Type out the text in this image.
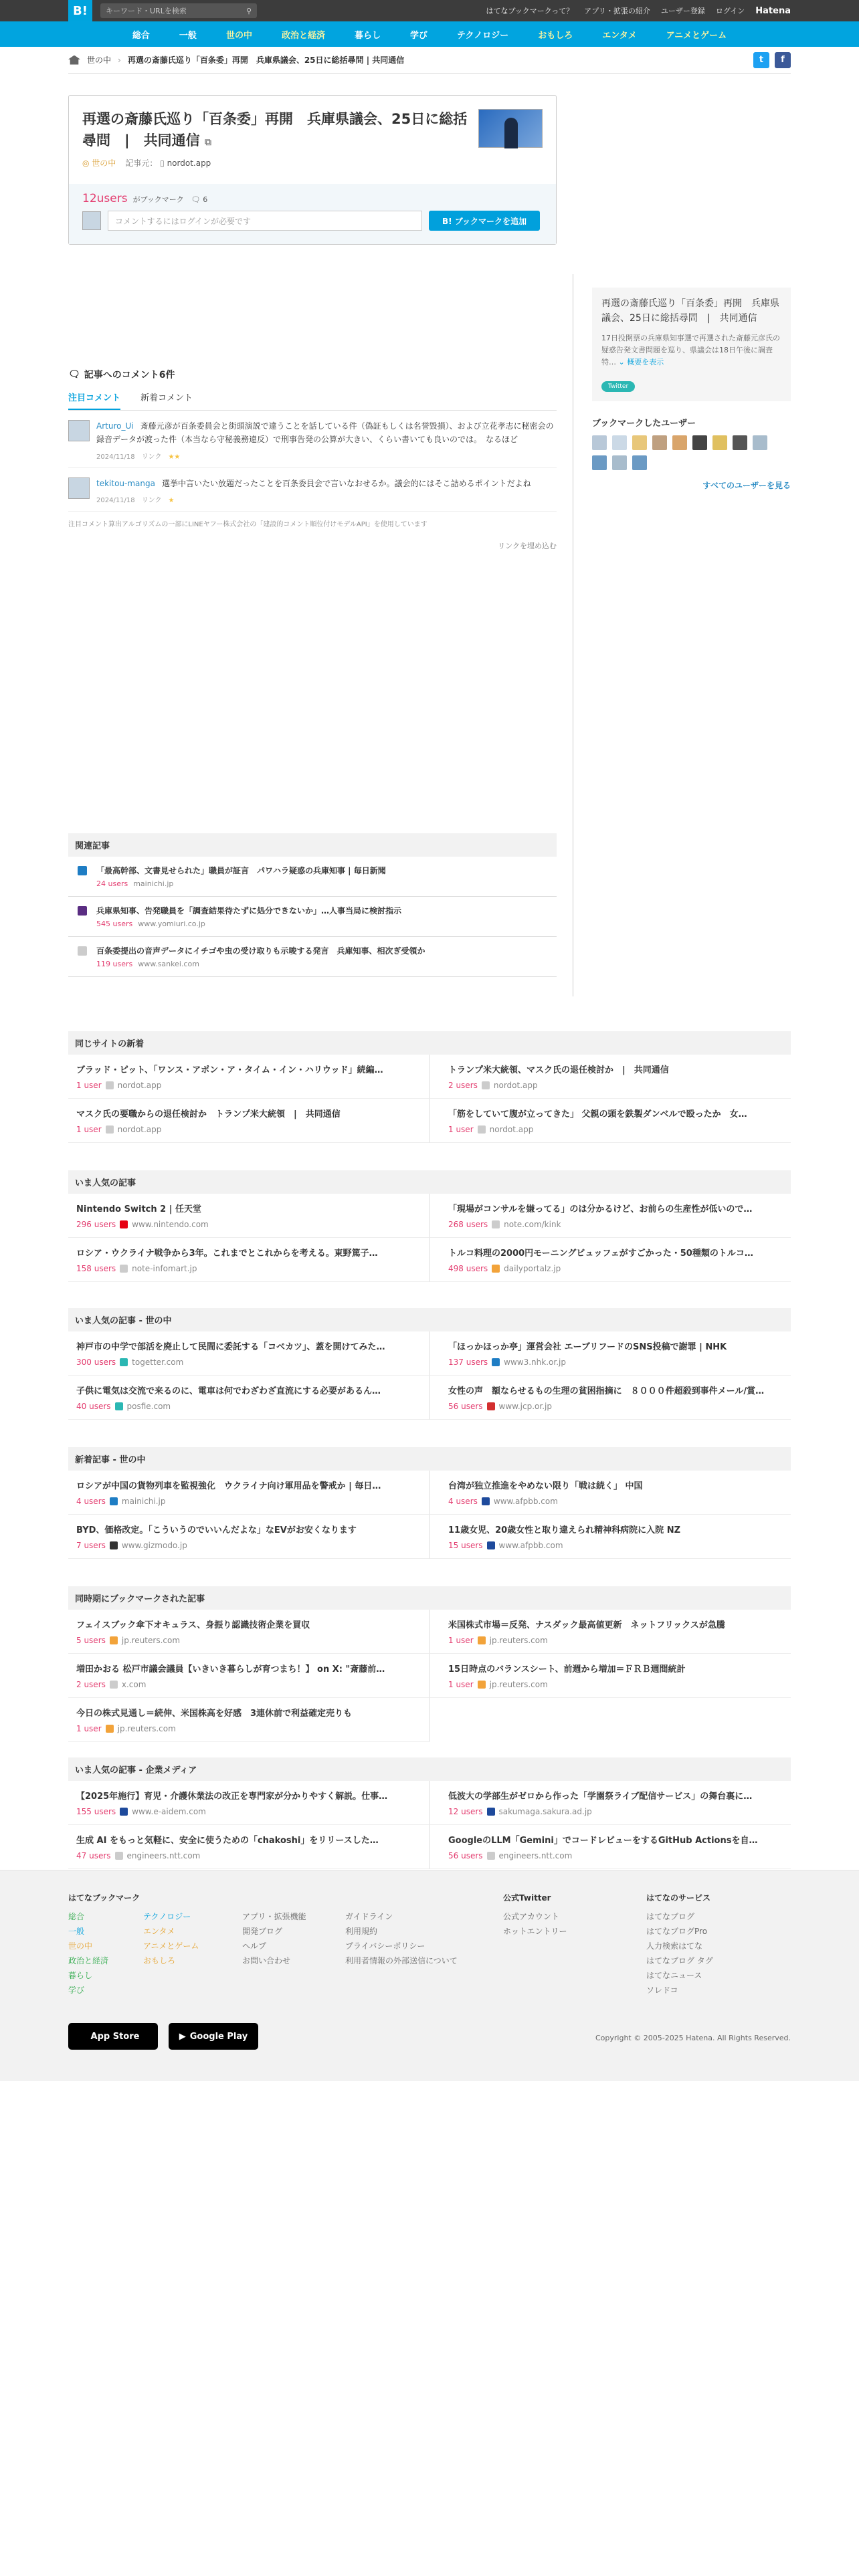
B!	キーワード・URLを検索	⚲	はてなブックマークって？ アプリ・拡張の紹介 ユーザー登録 ログイン Hatena
総合	一般	世の中	政治と経済	暮らし	学び	テクノロジー	おもしろ	エンタメ	アニメとゲーム
世の中 › 再選の斎藤氏巡り「百条委」再開　兵庫県議会、25日に総括尋問 | 共同通信	t	f
再選の斎藤氏巡り「百条委」再開　兵庫県議会、25日に総括尋問　|　共同通信 ⧉
◎ 世の中 記事元： ▯ nordot.app
12users がブックマーク　🗨 6
コメントするにはログインが必要です	B! ブックマークを追加
再選の斎藤氏巡り「百条委」再開　兵庫県議会、25日に総括尋問　|　共同通信

17日投開票の兵庫県知事選で再選された斎藤元彦氏の疑惑告発文書問題を巡り、県議会は18日午後に調査特… ⌄ 概要を表示

Twitter
ブックマークしたユーザー
すべてのユーザーを見る
🗨 記事へのコメント6件
注目コメント 新着コメント
Arturo_Ui 斎藤元彦が百条委員会と街頭演説で違うことを話している件（偽証もしくは名誉毀損）、および立花孝志に秘密会の録音データが渡った件（本当なら守秘義務違反）で刑事告発の公算が大きい、くらい書いても良いのでは。　なるほど
2024/11/18　 リンク ★★
tekitou-manga 選挙中言いたい放題だったことを百条委員会で言いなおせるか。議会的にはそこ詰めるポイントだよね
2024/11/18　 リンク ★
注目コメント算出アルゴリズムの一部にLINEヤフー株式会社の「建設的コメント順位付けモデルAPI」を使用しています
リンクを埋め込む
関連記事
「最高幹部、文書見せられた」職員が証言　パワハラ疑惑の兵庫知事 | 毎日新聞
24 users mainichi.jp
兵庫県知事、告発職員を「調査結果待たずに処分できないか」…人事当局に検討指示
545 users www.yomiuri.co.jp
百条委提出の音声データにイチゴや虫の受け取りも示唆する発言　兵庫知事、相次ぎ受領か
119 users www.sankei.com
同じサイトの新着
ブラッド・ピット、「ワンス・アポン・ア・タイム・イン・ハリウッド」続編…
1 user nordot.app
トランプ米大統領、マスク氏の退任検討か　|　共同通信
2 users nordot.app
マスク氏の要職からの退任検討か　トランプ米大統領　|　共同通信
1 user nordot.app
「筋をしていて腹が立ってきた」 父親の頭を鉄製ダンベルで殴ったか　女…
1 user nordot.app
いま人気の記事
Nintendo Switch 2 | 任天堂
296 users www.nintendo.com
「現場がコンサルを嫌ってる」のは分かるけど、お前らの生産性が低いので…
268 users note.com/kink
ロシア・ウクライナ戦争から3年。これまでとこれからを考える。東野篤子…
158 users note-infomart.jp
トルコ料理の2000円モーニングビュッフェがすごかった・50種類のトルコ…
498 users dailyportalz.jp
いま人気の記事 - 世の中
神戸市の中学で部活を廃止して民間に委託する「コベカツ」、蓋を開けてみた…
300 users togetter.com
「ほっかほっか亭」運営会社 エーブリフードのSNS投稿で謝罪 | NHK
137 users www3.nhk.or.jp
子供に電気は交流で来るのに、電車は何でわざわざ直流にする必要があるん…
40 users posfie.com
女性の声　額ならせるもの生理の貧困指摘に　８０００件超殺到事件メール/賞…
56 users www.jcp.or.jp
新着記事 - 世の中
ロシアが中国の貨物列車を監視強化　ウクライナ向け軍用品を警戒か | 毎日…
4 users mainichi.jp
台湾が独立推進をやめない限り「戦は続く」 中国
4 users www.afpbb.com
BYD、価格改定。「こういうのでいいんだよな」なEVがお安くなります
7 users www.gizmodo.jp
11歳女児、20歳女性と取り違えられ精神科病院に入院 NZ
15 users www.afpbb.com
同時期にブックマークされた記事
フェイスブック傘下オキュラス、身振り認識技術企業を買収
5 users jp.reuters.com
米国株式市場＝反発、ナスダック最高値更新　ネットフリックスが急騰
1 user jp.reuters.com
増田かおる 松戸市議会議員【いきいき暮らしが育つまち！】 on X: "斎藤前…
2 users x.com
15日時点のバランスシート、前週から増加＝ＦＲＢ週間統計
1 user jp.reuters.com
今日の株式見通し＝続伸、米国株高を好感　3連休前で利益確定売りも
1 user jp.reuters.com
いま人気の記事 - 企業メディア
【2025年施行】育児・介護休業法の改正を専門家が分かりやすく解説。仕事…
155 users www.e-aidem.com
低波大の学部生がゼロから作った「学園祭ライブ配信サービス」の舞台裏に…
12 users sakumaga.sakura.ad.jp
生成 AI をもっと気軽に、安全に使うための「chakoshi」をリリースした…
47 users engineers.ntt.com
GoogleのLLM「Gemini」でコードレビューをするGitHub Actionsを自…
56 users engineers.ntt.com
はてなブックマーク
総合
一般
世の中
政治と経済
暮らし
学び
テクノロジー
エンタメ
アニメとゲーム
おもしろ
アプリ・拡張機能
開発ブログ
ヘルプ
お問い合わせ
ガイドライン
利用規約
プライバシーポリシー
利用者情報の外部送信について
公式Twitter
公式アカウント
ホットエントリー
はてなのサービス
はてなブログ
はてなブログPro
人力検索はてな
はてなブログ タグ
はてなニュース
ソレドコ
App Store	▶ Google Play	Copyright © 2005-2025 Hatena. All Rights Reserved.
